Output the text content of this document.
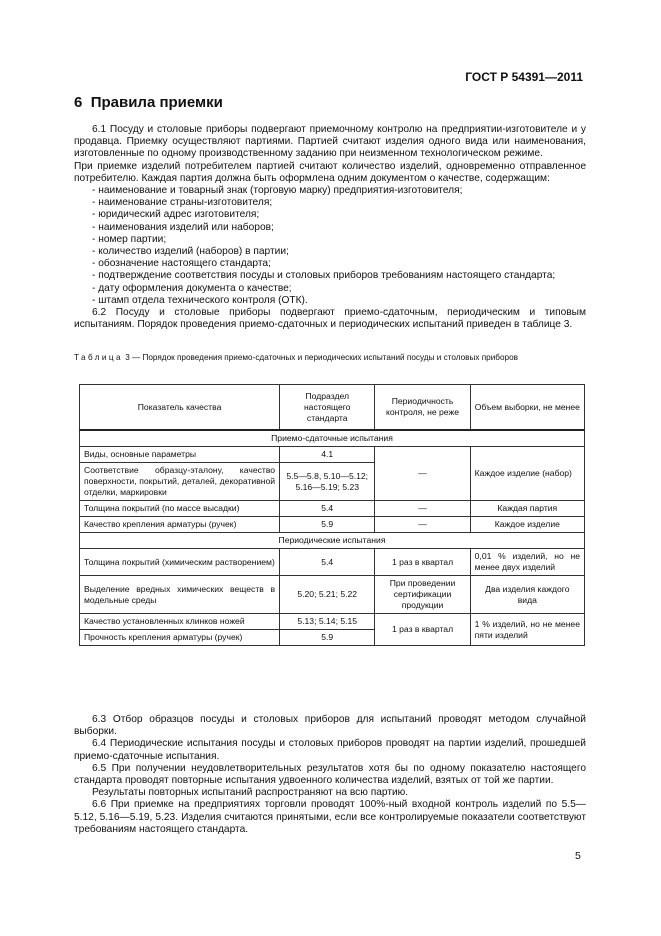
ГОСТ Р 54391—2011
6 Правила приемки

6.1 Посуду и столовые приборы подвергают приемочному контролю на предприятии-изготовителе и у продавца. Приемку осуществляют партиями. Партией считают изделия одного вида или наименования, изготовленные по одному производственному заданию при неизменном технологическом режиме.

При приемке изделий потребителем партией считают количество изделий, одновременно отправленное потребителю. Каждая партия должна быть оформлена одним документом о качестве, содержащим:

- наименование и товарный знак (торговую марку) предприятия-изготовителя;
- наименование страны-изготовителя;
- юридический адрес изготовителя;
- наименования изделий или наборов;
- номер партии;
- количество изделий (наборов) в партии;
- обозначение настоящего стандарта;
- подтверждение соответствия посуды и столовых приборов требованиям настоящего стандарта;
- дату оформления документа о качестве;
- штамп отдела технического контроля (ОТК).

6.2 Посуду и столовые приборы подвергают приемо-сдаточным, периодическим и типовым испытаниям. Порядок проведения приемо-сдаточных и периодических испытаний приведен в таблице 3.

Таблица 3 — Порядок проведения приемо-сдаточных и периодических испытаний посуды и столовых приборов
Показатель качества	Подраздел настоящего стандарта	Периодичность контроля, не реже	Объем выборки, не менее
Приемо-сдаточные испытания			
Виды, основные параметры	4.1	—	Каждое изделие (набор)
Соответствие образцу-эталону, качество поверхности, покрытий, деталей, декоративной отделки, маркировки	5.5—5.8, 5.10—5.12; 5.16—5.19; 5.23		
Толщина покрытий (по массе высадки)	5.4	—	Каждая партия
Качество крепления арматуры (ручек)	5.9	—	Каждое изделие
Периодические испытания			
Толщина покрытий (химическим растворением)	5.4	1 раз в квартал	0,01 % изделий, но не менее двух изделий
Выделение вредных химических веществ в модельные среды	5.20; 5.21; 5.22	При проведении сертификации продукции	Два изделия каждого вида
Качество установленных клинков ножей	5.13; 5.14; 5.15	1 раз в квартал	1 % изделий, но не менее пяти изделий
Прочность крепления арматуры (ручек)	5.9		

6.3 Отбор образцов посуды и столовых приборов для испытаний проводят методом случайной выборки.

6.4 Периодические испытания посуды и столовых приборов проводят на партии изделий, прошедшей приемо-сдаточные испытания.

6.5 При получении неудовлетворительных результатов хотя бы по одному показателю настоящего стандарта проводят повторные испытания удвоенного количества изделий, взятых от той же партии.

Результаты повторных испытаний распространяют на всю партию.

6.6 При приемке на предприятиях торговли проводят 100%-ный входной контроль изделий по 5.5—5.12, 5.16—5.19, 5.23. Изделия считаются принятыми, если все контролируемые показатели соответствуют требованиям настоящего стандарта.

5
